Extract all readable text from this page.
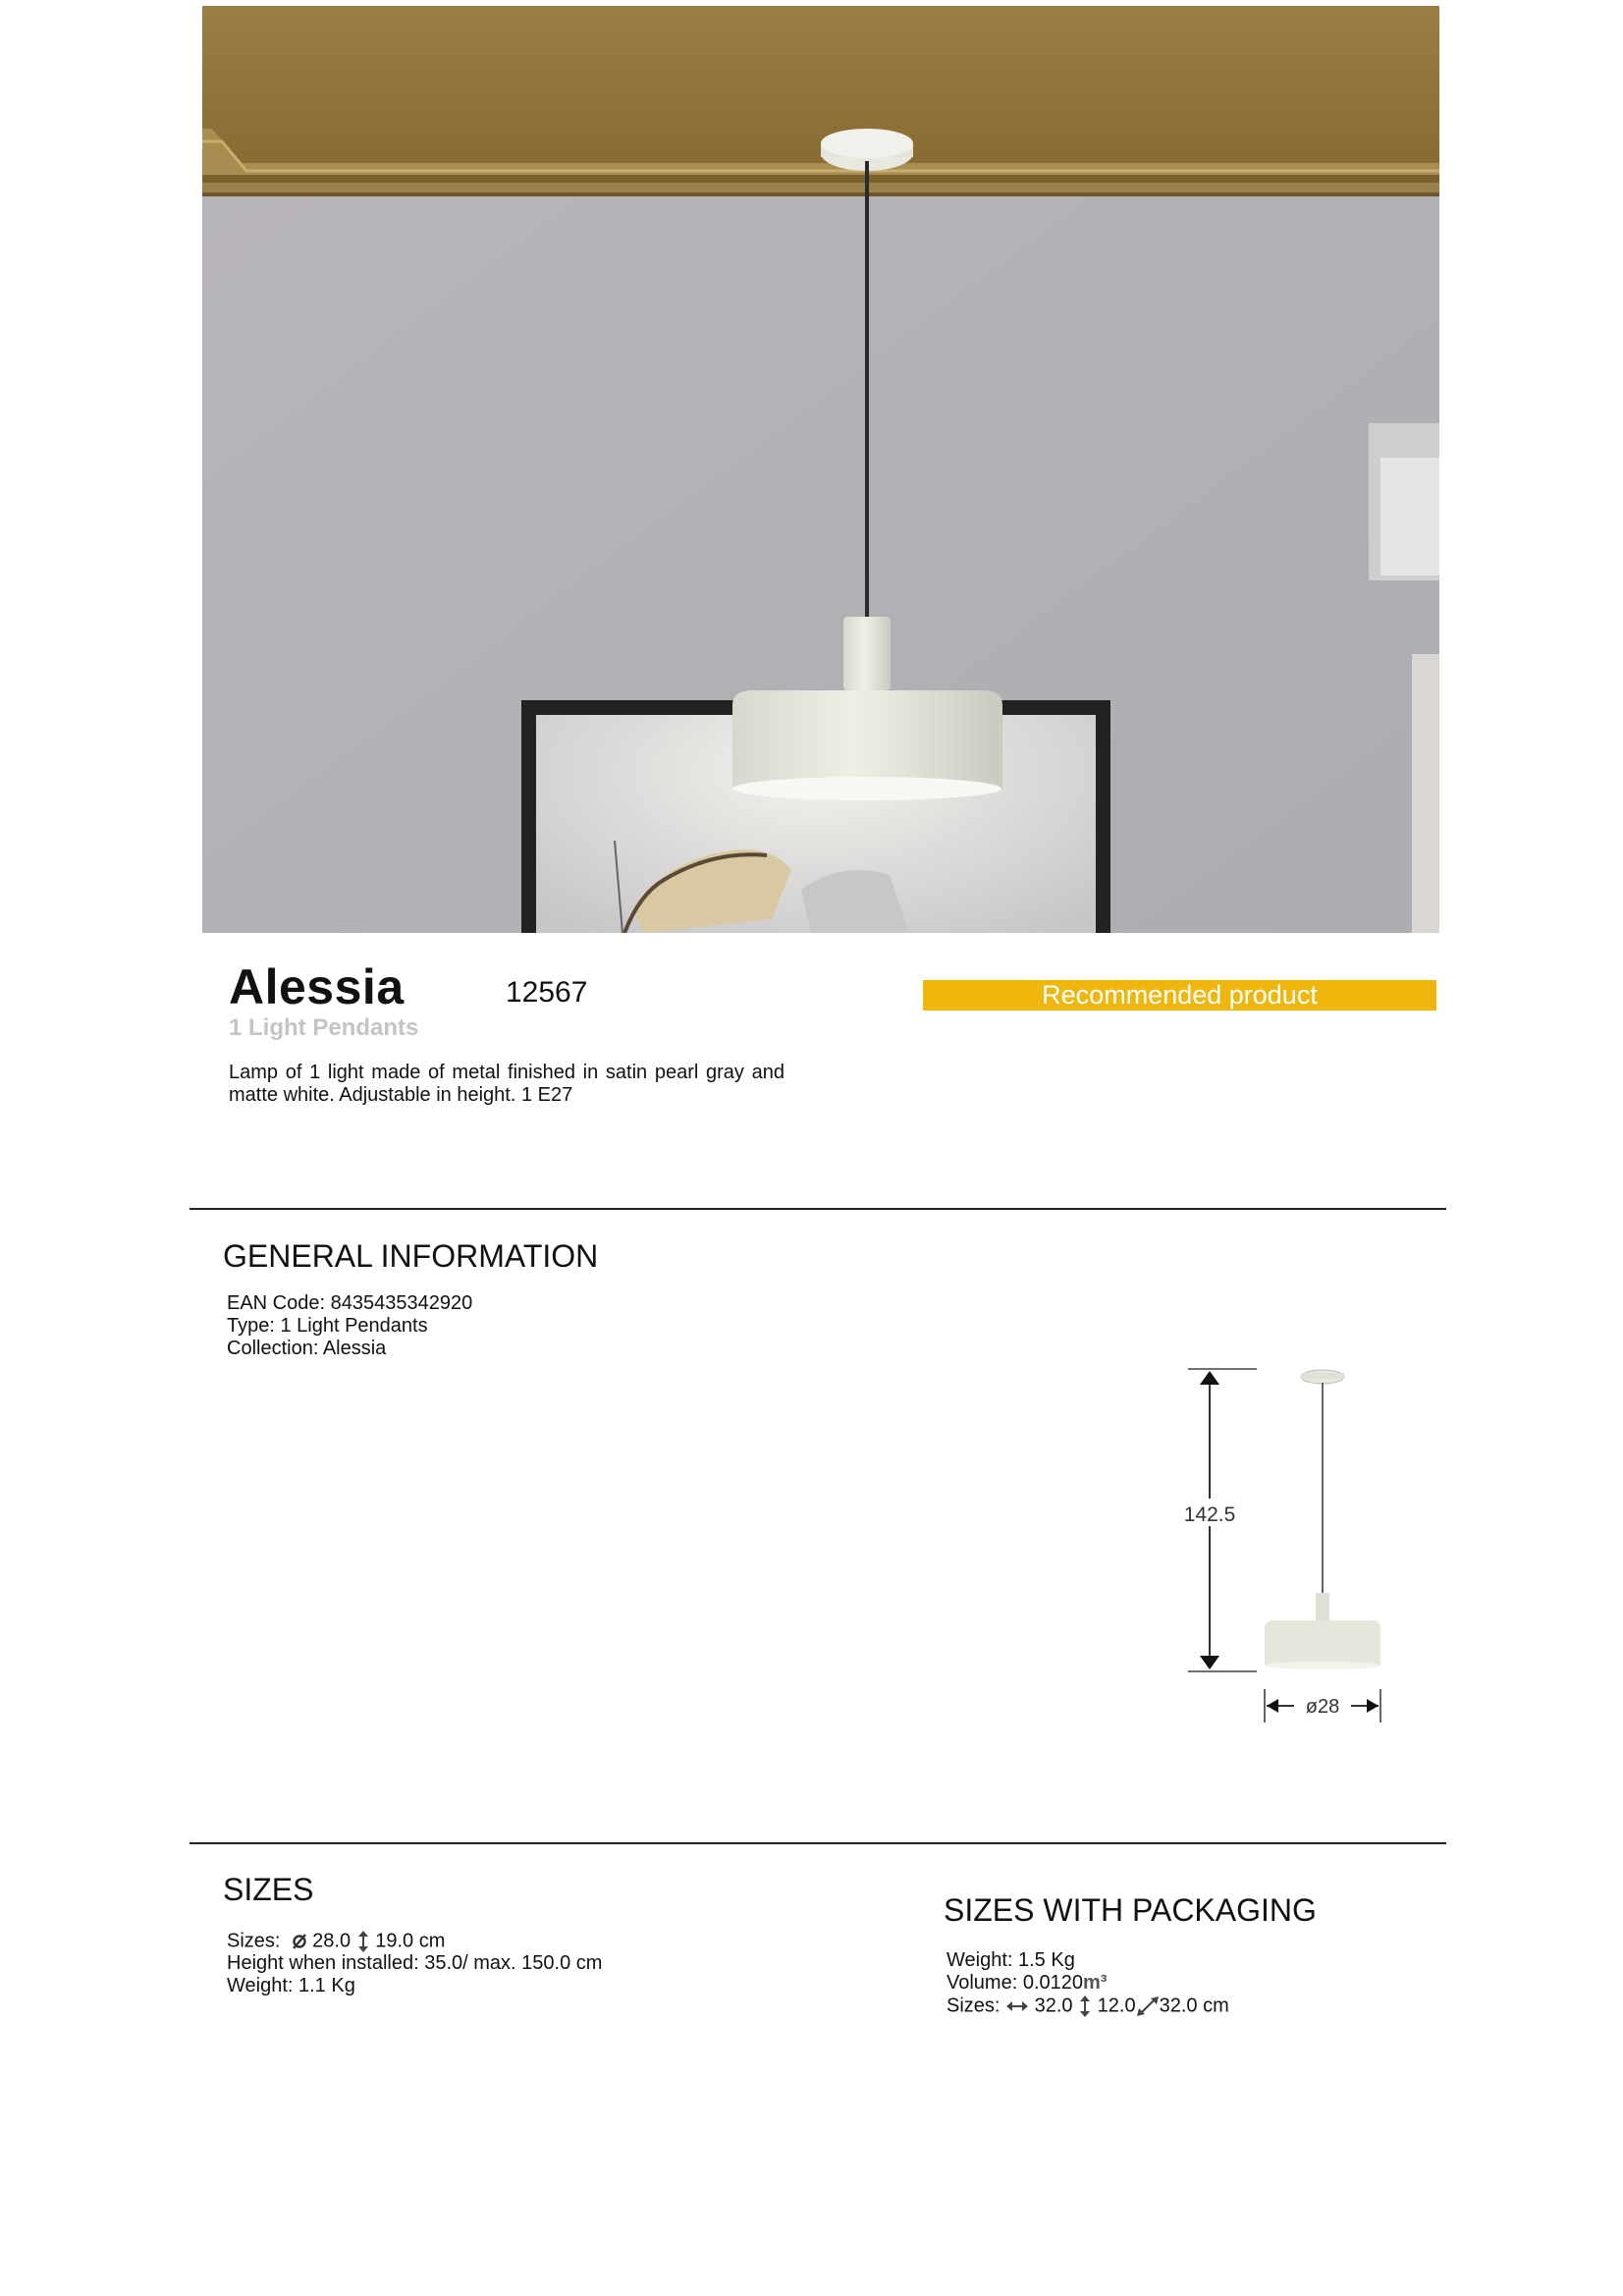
Alessia	12567
1 Light Pendants
Recommended product
Lamp of 1 light made of metal finished in satin pearl gray and matte white. Adjustable in height. 1 E27
GENERAL INFORMATION
EAN Code: 8435435342920
Type: 1 Light Pendants
Collection: Alessia
142.5
ø28
SIZES
Sizes: 28.0 19.0 cm
Height when installed: 35.0/ max. 150.0 cm
Weight: 1.1 Kg
SIZES WITH PACKAGING
Weight: 1.5 Kg
Volume: 0.0120m³
Sizes: 32.0 12.0 32.0 cm
